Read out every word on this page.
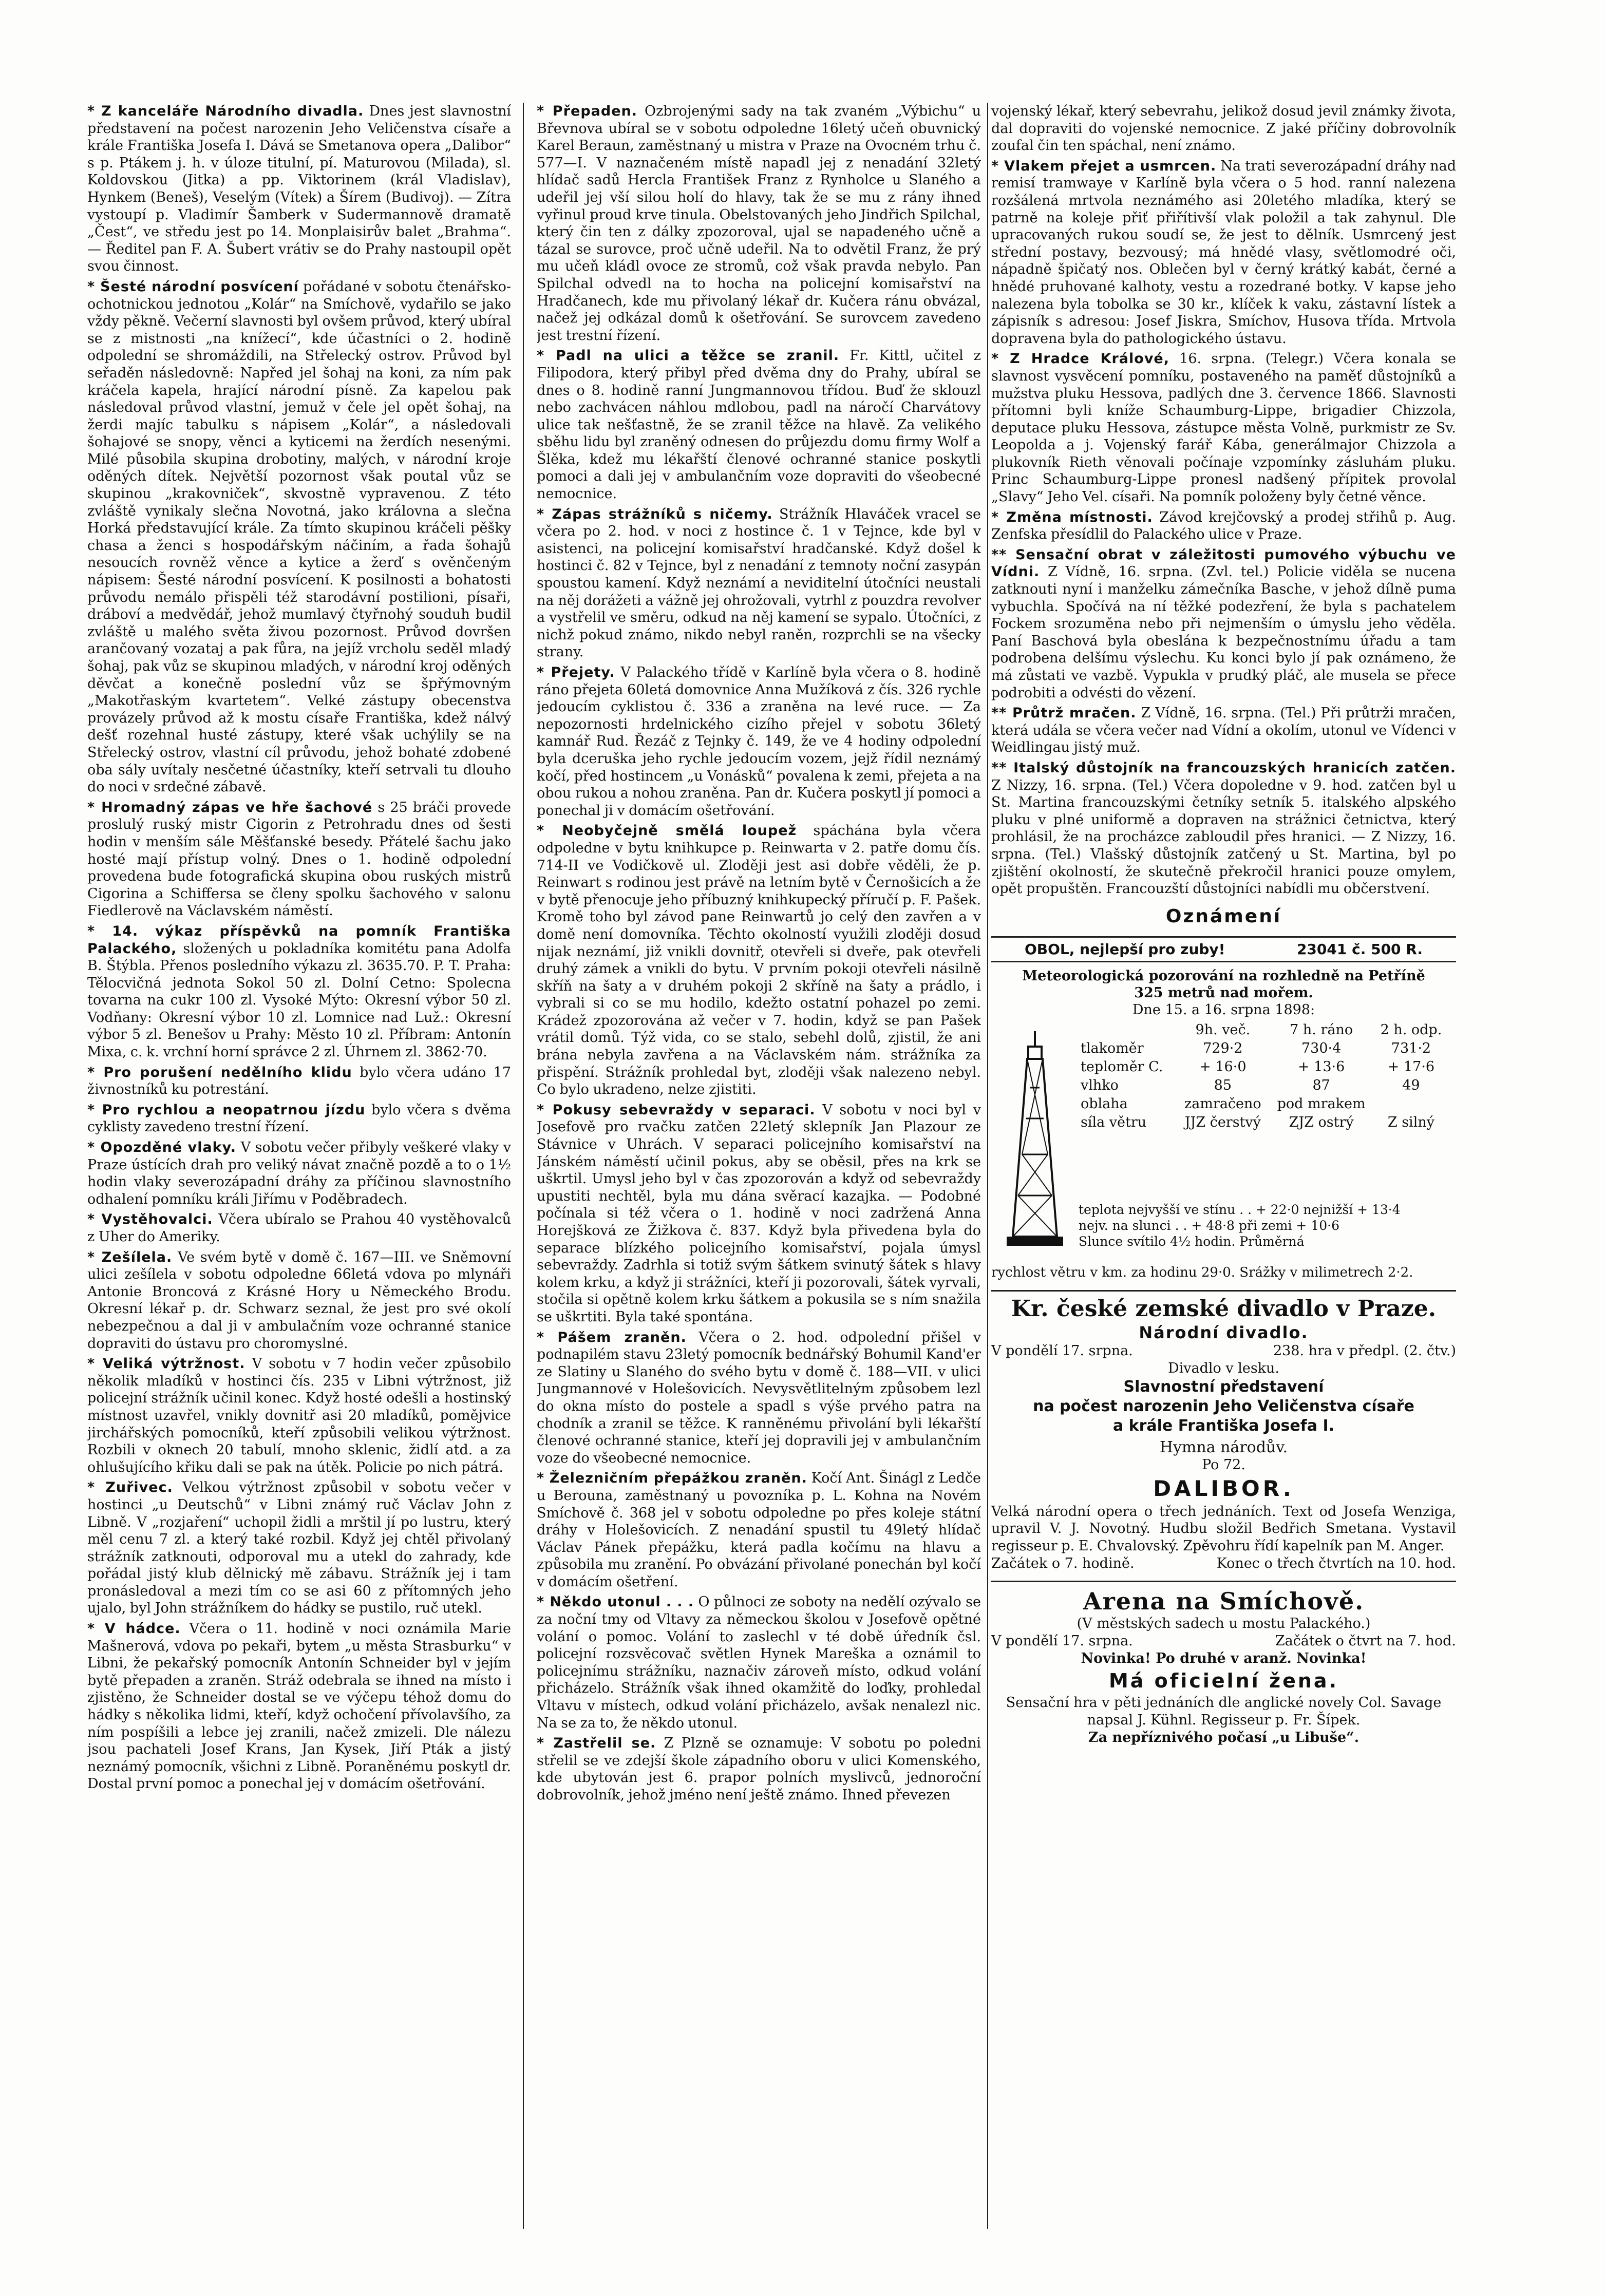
* Z kanceláře Národního divadla. Dnes jest slavnostní představení na počest narozenin Jeho Veličenstva císaře a krále Františka Josefa I. Dává se Smetanova opera „Dalibor“ s p. Ptákem j. h. v úloze titulní, pí. Maturovou (Milada), sl. Koldovskou (Jitka) a pp. Viktorinem (král Vladislav), Hynkem (Beneš), Veselým (Vítek) a Šírem (Budivoj). — Zítra vystoupí p. Vladimír Šamberk v Sudermannově dramatě „Čest“, ve středu jest po 14. Monplaisirův balet „Brahma“. — Ředitel pan F. A. Šubert vrátiv se do Prahy nastoupil opět svou činnost.

* Šesté národní posvícení pořádané v sobotu čtenářsko-ochotnickou jednotou „Kolár“ na Smíchově, vydařilo se jako vždy pěkně. Večerní slavnosti byl ovšem průvod, který ubíral se z mistnosti „na knížecí“, kde účastníci o 2. hodině odpolední se shromáždili, na Střelecký ostrov. Průvod byl seřaděn následovně: Napřed jel šohaj na koni, za ním pak kráčela kapela, hrající národní písně. Za kapelou pak následoval průvod vlastní, jemuž v čele jel opět šohaj, na žerdi majíc tabulku s nápisem „Kolár“, a následovali šohajové se snopy, věnci a kyticemi na žerdích nesenými. Milé působila skupina drobotiny, malých, v národní kroje oděných dítek. Největší pozornost však poutal vůz se skupinou „krakovniček“, skvostně vypravenou. Z této zvláště vynikaly slečna Novotná, jako královna a slečna Horká představující krále. Za tímto skupinou kráčeli pěšky chasa a ženci s hospodářským náčiním, a řada šohajů nesoucích rovněž věnce a kytice a žerď s ověnčeným nápisem: Šesté národní posvícení. K posilnosti a bohatosti průvodu nemálo přispěli též starodávní postilioni, písaři, dráboví a medvědář, jehož mumlavý čtyřnohý souduh budil zvláště u malého světa živou pozornost. Průvod dovršen arančovaný vozataj a pak fůra, na jejíž vrcholu seděl mladý šohaj, pak vůz se skupinou mladých, v národní kroj oděných děvčat a konečně poslední vůz se špřýmovným „Makotřaským kvartetem“. Velké zástupy obecenstva provázely průvod až k mostu císaře Františka, kdež nálvý dešť rozehnal husté zástupy, které však uchýlily se na Střelecký ostrov, vlastní cíl průvodu, jehož bohaté zdobené oba sály uvítaly nesčetné účastníky, kteří setrvali tu dlouho do noci v srdečné zábavě.

* Hromadný zápas ve hře šachové s 25 bráči provede proslulý ruský mistr Cigorin z Petrohradu dnes od šesti hodin v menším sále Měšťanské besedy. Přátelé šachu jako hosté mají přístup volný. Dnes o 1. hodině odpolední provedena bude fotografická skupina obou ruských mistrů Cigorina a Schiffersa se členy spolku šachového v salonu Fiedlerově na Václavském náměstí.

* 14. výkaz příspěvků na pomník Františka Palackého, složených u pokladníka komitétu pana Adolfa B. Štýbla. Přenos posledního výkazu zl. 3635.70. P. T. Praha: Tělocvičná jednota Sokol 50 zl. Dolní Cetno: Spolecna tovarna na cukr 100 zl. Vysoké Mýto: Okresní výbor 50 zl. Vodňany: Okresní výbor 10 zl. Lomnice nad Luž.: Okresní výbor 5 zl. Benešov u Prahy: Město 10 zl. Příbram: Antonín Mixa, c. k. vrchní horní správce 2 zl. Úhrnem zl. 3862·70.

* Pro porušení nedělního klidu bylo včera udáno 17 živnostníků ku potrestání.

* Pro rychlou a neopatrnou jízdu bylo včera s dvěma cyklisty zavedeno trestní řízení.

* Opozděné vlaky. V sobotu večer přibyly veškeré vlaky v Praze ústících drah pro veliký návat značně pozdě a to o 1½ hodin vlaky severozápadní dráhy za příčinou slavnostního odhalení pomníku králi Jiřímu v Poděbradech.

* Vystěhovalci. Včera ubíralo se Prahou 40 vystěhovalců z Uher do Ameriky.

* Zešílela. Ve svém bytě v domě č. 167—III. ve Sněmovní ulici zešílela v sobotu odpoledne 66letá vdova po mlynáři Antonie Broncová z Krásné Hory u Německého Brodu. Okresní lékař p. dr. Schwarz seznal, že jest pro své okolí nebezpečnou a dal ji v ambulačním voze ochranné stanice dopraviti do ústavu pro choromyslné.

* Veliká výtržnost. V sobotu v 7 hodin večer způsobilo několik mladíků v hostinci čís. 235 v Libni výtržnost, již policejní strážník učinil konec. Když hosté odešli a hostinský místnost uzavřel, vnikly dovnitř asi 20 mladíků, pomějvice jirchářských pomocníků, kteří způsobili velikou výtržnost. Rozbili v oknech 20 tabulí, mnoho sklenic, židlí atd. a za ohlušujícího křiku dali se pak na útěk. Policie po nich pátrá.

* Zuřivec. Velkou výtržnost způsobil v sobotu večer v hostinci „u Deutschů“ v Libni známý ruč Václav John z Libně. V „rozjaření“ uchopil židli a mrštil jí po lustru, který měl cenu 7 zl. a který také rozbil. Když jej chtěl přivolaný strážník zatknouti, odporoval mu a utekl do zahrady, kde pořádal jistý klub dělnický mě zábavu. Strážník jej i tam pronásledoval a mezi tím co se asi 60 z přítomných jeho ujalo, byl John strážníkem do hádky se pustilo, ruč utekl.

* V hádce. Včera o 11. hodině v noci oznámila Marie Mašnerová, vdova po pekaři, bytem „u města Strasburku“ v Libni, že pekařský pomocník Antonín Schneider byl v jejím bytě přepaden a zraněn. Stráž odebrala se ihned na místo i zjistěno, že Schneider dostal se ve výčepu téhož domu do hádky s několika lidmi, kteří, když ochočení přívolavšího, za ním pospíšili a lebce jej zranili, načež zmizeli. Dle nálezu jsou pachateli Josef Krans, Jan Kysek, Jiří Pták a jistý neznámý pomocník, všichni z Libně. Poraněnému poskytl dr. Dostal první pomoc a ponechal jej v domácím ošetřování.

* Přepaden. Ozbrojenými sady na tak zvaném „Výbichu“ u Břevnova ubíral se v sobotu odpoledne 16letý učeň obuvnický Karel Beraun, zaměstnaný u mistra v Praze na Ovocném trhu č. 577—I. V naznačeném místě napadl jej z nenadání 32letý hlídač sadů Hercla František Franz z Rynholce u Slaného a udeřil jej vší silou holí do hlavy, tak že se mu z rány ihned vyřinul proud krve tinula. Obelstovaných jeho Jindřich Spilchal, který čin ten z dálky zpozoroval, ujal se napadeného učně a tázal se surovce, proč učně udeřil. Na to odvětil Franz, že prý mu učeň kládl ovoce ze stromů, což však pravda nebylo. Pan Spilchal odvedl na to hocha na policejní komisařství na Hradčanech, kde mu přivolaný lékař dr. Kučera ránu obvázal, načež jej odkázal domů k ošetřování. Se surovcem zavedeno jest trestní řízení.

* Padl na ulici a těžce se zranil. Fr. Kittl, učitel z Filipodora, který přibyl před dvěma dny do Prahy, ubíral se dnes o 8. hodině ranní Jungmannovou třídou. Buď že sklouzl nebo zachvácen náhlou mdlobou, padl na náročí Charvátovy ulice tak nešťastně, že se zranil těžce na hlavě. Za velikého sběhu lidu byl zraněný odnesen do průjezdu domu firmy Wolf a Šlěka, kdež mu lékařští členové ochranné stanice poskytli pomoci a dali jej v ambulančním voze dopraviti do všeobecné nemocnice.

* Zápas strážníků s ničemy. Strážník Hlaváček vracel se včera po 2. hod. v noci z hostince č. 1 v Tejnce, kde byl v asistenci, na policejní komisařství hradčanské. Když došel k hostinci č. 82 v Tejnce, byl z nenadání z temnoty noční zasypán spoustou kamení. Když neznámí a neviditelní útočníci neustali na něj dorážeti a vážně jej ohrožovali, vytrhl z pouzdra revolver a vystřelil ve směru, odkud na něj kamení se sypalo. Útočníci, z nichž pokud známo, nikdo nebyl raněn, rozprchli se na všecky strany.

* Přejety. V Palackého třídě v Karlíně byla včera o 8. hodině ráno přejeta 60letá domovnice Anna Mužíková z čís. 326 rychle jedoucím cyklistou č. 336 a zraněna na levé ruce. — Za nepozornosti hrdelnického cizího přejel v sobotu 36letý kamnář Rud. Řezáč z Tejnky č. 149, že ve 4 hodiny odpolední byla dceruška jeho rychle jedoucím vozem, jejž řídil neznámý kočí, před hostincem „u Vonásků“ povalena k zemi, přejeta a na obou rukou a nohou zraněna. Pan dr. Kučera poskytl jí pomoci a ponechal ji v domácím ošetřování.

* Neobyčejně smělá loupež spáchána byla včera odpoledne v bytu knihkupce p. Reinwarta v 2. patře domu čís. 714-II ve Vodičkově ul. Zloději jest asi dobře věděli, že p. Reinwart s rodinou jest právě na letním bytě v Černošicích a že v bytě přenocuje jeho příbuzný knihkupecký příručí p. F. Pašek. Kromě toho byl závod pane Reinwartů jo celý den zavřen a v domě není domovníka. Těchto okolností využili zloději dosud nijak neznámí, již vnikli dovnitř, otevřeli si dveře, pak otevřeli druhý zámek a vnikli do bytu. V prvním pokoji otevřeli násilně skříň na šaty a v druhém pokoji 2 skříně na šaty a prádlo, i vybrali si co se mu hodilo, kdežto ostatní pohazel po zemi. Krádež zpozorována až večer v 7. hodin, když se pan Pašek vrátil domů. Týž vida, co se stalo, sebehl dolů, zjistil, že ani brána nebyla zavřena a na Václavském nám. strážníka za přispění. Strážník prohledal byt, zloději však nalezeno nebyl. Co bylo ukradeno, nelze zjistiti.

* Pokusy sebevraždy v separaci. V sobotu v noci byl v Josefově pro rvačku zatčen 22letý sklepník Jan Plazour ze Stávnice v Uhrách. V separaci policejního komisařství na Jánském náměstí učinil pokus, aby se oběsil, přes na krk se uškrtil. Umysl jeho byl v čas zpozorován a když od sebevraždy upustiti nechtěl, byla mu dána svěrací kazajka. — Podobné počínala si též včera o 1. hodině v noci zadržená Anna Horejšková ze Žižkova č. 837. Když byla přivedena byla do separace blízkého policejního komisařství, pojala úmysl sebevraždy. Zadrhla si totiž svým šátkem svinutý šátek s hlavy kolem krku, a když ji strážníci, kteří ji pozorovali, šátek vyrvali, stočila si opětně kolem krku šátkem a pokusila se s ním snažila se uškrtiti. Byla také spontána.

* Pášem zraněn. Včera o 2. hod. odpolední přišel v podnapilém stavu 23letý pomocník bednářský Bohumil Kand'er ze Slatiny u Slaného do svého bytu v domě č. 188—VII. v ulici Jungmannové v Holešovicích. Nevysvětlitelným způsobem lezl do okna místo do postele a spadl s výše prvého patra na chodník a zranil se těžce. K ranněnému přivolání byli lékařští členové ochranné stanice, kteří jej dopravili jej v ambulančním voze do všeobecné nemocnice.

* Železničním přepážkou zraněn. Kočí Ant. Šinágl z Ledče u Berouna, zaměstnaný u povozníka p. L. Kohna na Novém Smíchově č. 368 jel v sobotu odpoledne po přes koleje státní dráhy v Holešovicích. Z nenadání spustil tu 49letý hlídač Václav Pánek přepážku, která padla kočímu na hlavu a způsobila mu zranění. Po obvázání přivolané ponechán byl kočí v domácím ošetření.

* Někdo utonul . . . O půlnoci ze soboty na nedělí ozývalo se za noční tmy od Vltavy za německou školou v Josefově opětné volání o pomoc. Volání to zaslechl v té době úředník čsl. policejní rozsvěcovač světlen Hynek Mareška a oznámil to policejnímu strážníku, naznačiv zároveň místo, odkud volání přicházelo. Strážník však ihned okamžitě do loďky, prohledal Vltavu v místech, odkud volání přicházelo, avšak nenalezl nic. Na se za to, že někdo utonul.

* Zastřelil se. Z Plzně se oznamuje: V sobotu po poledni střelil se ve zdejší škole západního oboru v ulici Komenského, kde ubytován jest 6. prapor polních myslivců, jednoroční dobrovolník, jehož jméno není ještě známo. Ihned převezen

vojenský lékař, který sebevrahu, jelikož dosud jevil známky života, dal dopraviti do vojenské nemocnice. Z jaké příčiny dobrovolník zoufal čin ten spáchal, není známo.

* Vlakem přejet a usmrcen. Na trati severozápadní dráhy nad remisí tramwaye v Karlíně byla včera o 5 hod. ranní nalezena rozšálená mrtvola neznámého asi 20letého mladíka, který se patrně na koleje přiť přiřítivší vlak položil a tak zahynul. Dle upracovaných rukou soudí se, že jest to dělník. Usmrcený jest střední postavy, bezvousý; má hnědé vlasy, světlomodré oči, nápadně špičatý nos. Oblečen byl v černý krátký kabát, černé a hnědé pruhované kalhoty, vestu a rozedrané botky. V kapse jeho nalezena byla tobolka se 30 kr., klíček k vaku, zástavní lístek a zápisník s adresou: Josef Jiskra, Smíchov, Husova třída. Mrtvola dopravena byla do pathologického ústavu.

* Z Hradce Králové, 16. srpna. (Telegr.) Včera konala se slavnost vysvěcení pomníku, postaveného na paměť důstojníků a mužstva pluku Hessova, padlých dne 3. července 1866. Slavnosti přítomni byli kníže Schaumburg-Lippe, brigadier Chizzola, deputace pluku Hessova, zástupce města Volně, purkmistr ze Sv. Leopolda a j. Vojenský farář Kába, generálmajor Chizzola a plukovník Rieth věnovali počínaje vzpomínky zásluhám pluku. Princ Schaumburg-Lippe pronesl nadšený přípitek provolal „Slavy“ Jeho Vel. císaři. Na pomník položeny byly četné věnce.

* Změna místnosti. Závod krejčovský a prodej střihů p. Aug. Zenfska přesídlil do Palackého ulice v Praze.

** Sensační obrat v záležitosti pumového výbuchu ve Vídni. Z Vídně, 16. srpna. (Zvl. tel.) Policie viděla se nucena zatknouti nyní i manželku zámečníka Basche, v jehož dílně puma vybuchla. Spočívá na ní těžké podezření, že byla s pachatelem Fockem srozuměna nebo při nejmenším o úmyslu jeho věděla. Paní Baschová byla obeslána k bezpečnostnímu úřadu a tam podrobena delšímu výslechu. Ku konci bylo jí pak oznámeno, že má zůstati ve vazbě. Vypukla v prudký pláč, ale musela se přece podrobiti a odvésti do vězení.

** Průtrž mračen. Z Vídně, 16. srpna. (Tel.) Při průtrži mračen, která udála se včera večer nad Vídní a okolím, utonul ve Vídenci v Weidlingau jistý muž.

** Italský důstojník na francouzských hranicích zatčen. Z Nizzy, 16. srpna. (Tel.) Včera dopoledne v 9. hod. zatčen byl u St. Martina francouzskými četníky setník 5. italského alpského pluku v plné uniformě a dopraven na strážnici četnictva, který prohlásil, že na procházce zabloudil přes hranici. — Z Nizzy, 16. srpna. (Tel.) Vlašský důstojník zatčený u St. Martina, byl po zjištění okolností, že skutečně překročil hranici pouze omylem, opět propuštěn. Francouzští důstojníci nabídli mu občerstvení.

Oznámení
OBOL, nejlepší pro zuby!	23041 č. 500 R.
Meteorologická pozorování na rozhledně na Petříně
325 metrů nad mořem.
Dne 15. a 16. srpna 1898:
	9h. več.	7 h. ráno	2 h. odp.
tlakoměr	729·2	730·4	731·2
teploměr C.	+ 16·0	+ 13·6	+ 17·6
vlhko	85	87	49
oblaha	zamračeno	pod mrakem	
síla větru	JJZ čerstvý	ZJZ ostrý	Z silný
teplota nejvyšší ve stínu . . + 22·0 nejnižší + 13·4
nejv. na slunci . . + 48·8 při zemi + 10·6
Slunce svítilo 4½ hodin. Průměrná
rychlost větru v km. za hodinu 29·0. Srážky v milimetrech 2·2.
Kr. české zemské divadlo v Praze.
Národní divadlo.
V pondělí 17. srpna.	238. hra v předpl. (2. čtv.)
Divadlo v lesku.
Slavnostní představení
na počest narozenin Jeho Veličenstva císaře
a krále Františka Josefa I.
Hymna národův.
Po 72.
DALIBOR.

Velká národní opera o třech jednáních. Text od Josefa Wenziga, upravil V. J. Novotný. Hudbu složil Bedřich Smetana. Vystavil regisseur p. E. Chvalovský. Zpěvohru řídí kapelník pan M. Anger.

Začátek o 7. hodině.	Konec o třech čtvrtích na 10. hod.
Arena na Smíchově.
(V městských sadech u mostu Palackého.)
V pondělí 17. srpna.	Začátek o čtvrt na 7. hod.
Novinka! Po druhé v aranž. Novinka!
Má oficielní žena.
Sensační hra v pěti jednáních dle anglické novely Col. Savage napsal J. Kühnl. Regisseur p. Fr. Šípek.
Za nepříznivého počasí „u Libuše“.
